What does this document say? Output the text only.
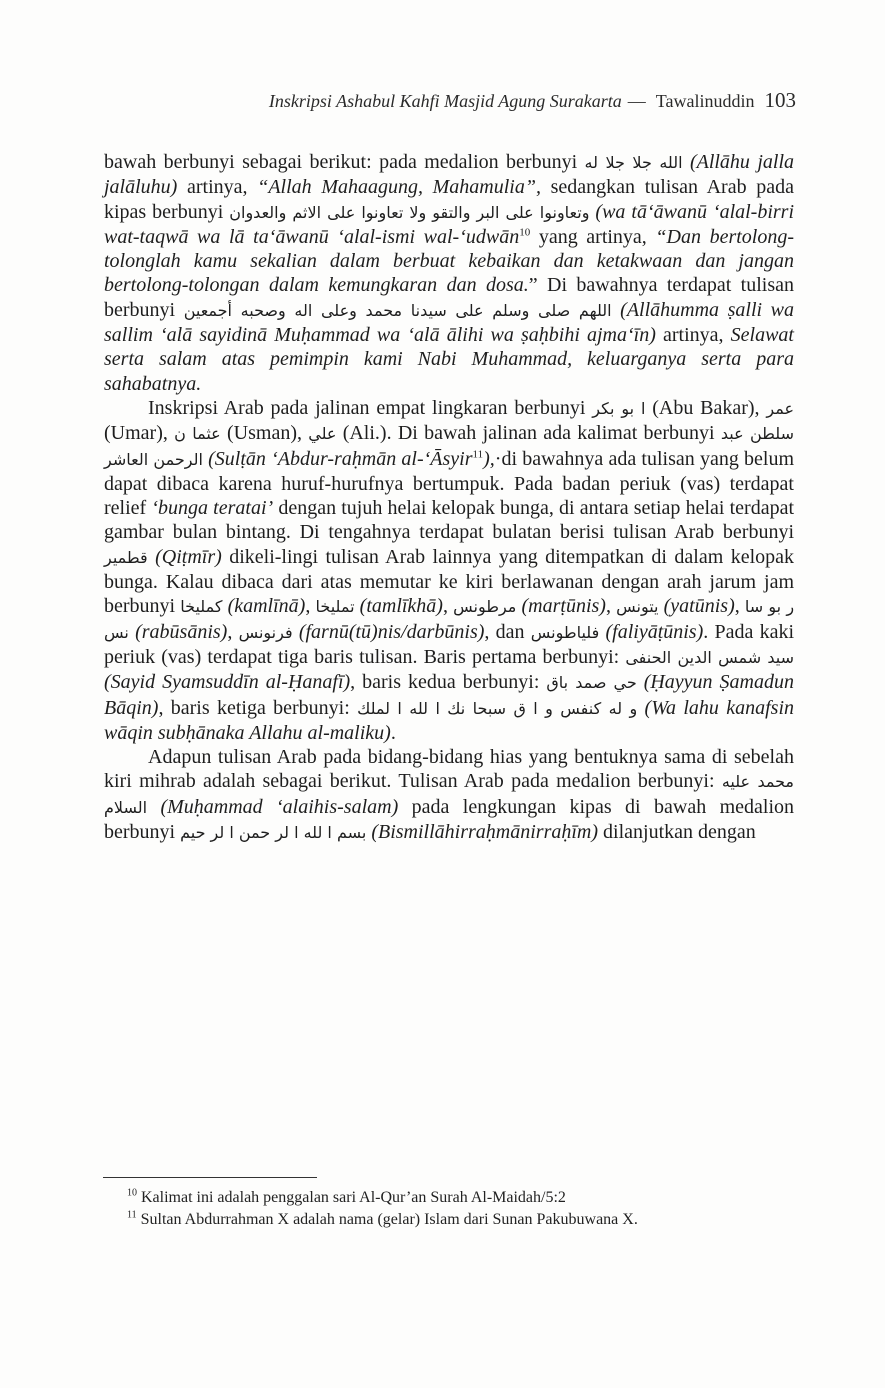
Inskripsi Ashabul Kahfi Masjid Agung Surakarta — Tawalinuddin 103

bawah berbunyi sebagai berikut: pada medalion berbunyi الله جلا جلا له (Allāhu jalla jalāluhu) artinya, “Allah Mahaagung, Mahamulia”, sedangkan tulisan Arab pada kipas berbunyi وتعاونوا على البر والتقو ولا تعاونوا على الاثم والعدوان (wa tā‘āwanū ‘alal-birri wat-taqwā wa lā ta‘āwanū ‘alal-ismi wal-‘udwān$^{10}$ yang artinya, “Dan bertolong-tolonglah kamu sekalian dalam berbuat kebaikan dan ketakwaan dan jangan bertolong-tolongan dalam kemungkaran dan dosa.” Di bawahnya terdapat tulisan berbunyi اللهم صلى وسلم على سيدنا محمد وعلى اله وصحبه أجمعين (Allāhumma ṣalli wa sallim ‘alā sayidinā Muḥammad wa ‘alā ālihi wa ṣaḥbihi ajma‘īn) artinya, Selawat serta salam atas pemimpin kami Nabi Muhammad, keluarganya serta para sahabatnya.

Inskripsi Arab pada jalinan empat lingkaran berbunyi ا بو بكر (Abu Bakar), عمر (Umar), عثما ن (Usman), علي (Ali.). Di bawah jalinan ada kalimat berbunyi سلطن عبد الرحمن العاشر (Sulṭān ‘Abdur-raḥmān al-‘Āsyir$^{11}$),·di bawahnya ada tulisan yang belum dapat dibaca karena huruf-hurufnya bertumpuk. Pada badan periuk (vas) terdapat relief ‘bunga teratai’ dengan tujuh helai kelopak bunga, di antara setiap helai terdapat gambar bulan bintang. Di tengahnya terdapat bulatan berisi tulisan Arab berbunyi قطمير (Qiṭmīr) dikeli-lingi tulisan Arab lainnya yang ditempatkan di dalam kelopak bunga. Kalau dibaca dari atas memutar ke kiri berlawanan dengan arah jarum jam berbunyi كمليخا (kamlīnā), تمليخا (tamlīkhā), مرطونس (marṭūnis), يتونس (yatūnis), ر بو سا نس (rabūsānis), فرنونس (farnū(tū)nis/darbūnis), dan فلياطونس (faliyāṭūnis). Pada kaki periuk (vas) terdapat tiga baris tulisan. Baris pertama berbunyi: سيد شمس الدين الحنفى (Sayid Syamsuddīn al-Ḥanafī), baris kedua berbunyi: حي صمد باق (Ḥayyun Ṣamadun Bāqin), baris ketiga berbunyi: و له كنفس و ا ق سبحا نك ا لله ا لملك (Wa lahu kanafsin wāqin subḥānaka Allahu al-maliku).

Adapun tulisan Arab pada bidang-bidang hias yang bentuknya sama di sebelah kiri mihrab adalah sebagai berikut. Tulisan Arab pada medalion berbunyi: محمد عليه السلام (Muḥammad ‘alaihis-salam) pada lengkungan kipas di bawah medalion berbunyi بسم ا لله ا لر حمن ا لر حيم (Bismillāhirraḥmānirraḥīm) dilanjutkan dengan

$^{10}$ Kalimat ini adalah penggalan sari Al-Qur’an Surah Al-Maidah/5:2
$^{11}$ Sultan Abdurrahman X adalah nama (gelar) Islam dari Sunan Pakubuwana X.
